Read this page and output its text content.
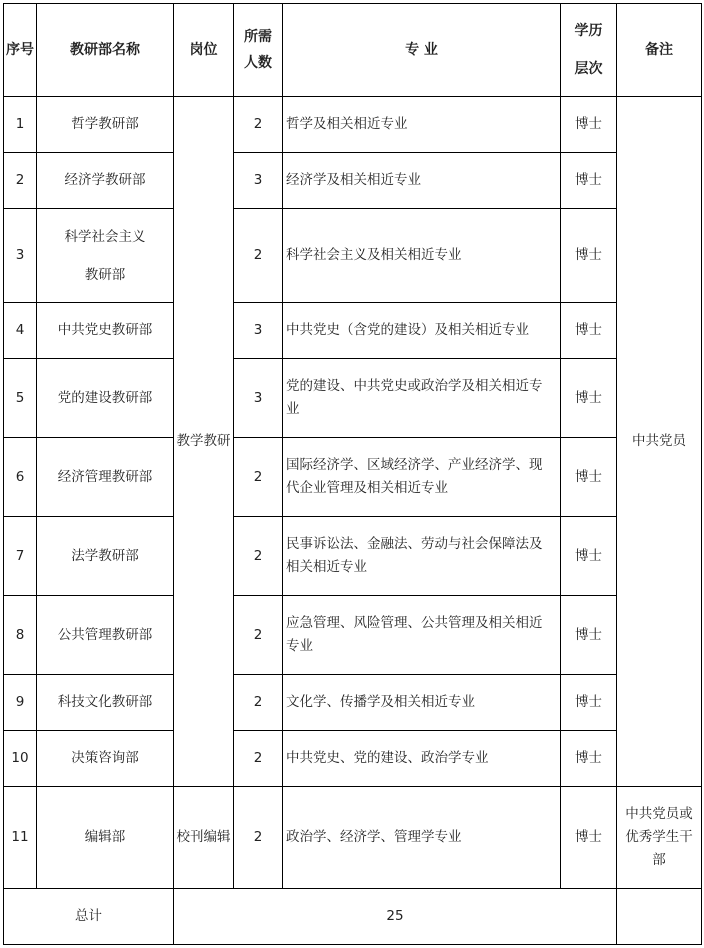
序号	教研部名称	岗位	所需人数	专 业	学历层次	备注
1	哲学教研部	教学教研	2	哲学及相关相近专业	博士	中共党员
2	经济学教研部		3	经济学及相关相近专业	博士	
3	科学社会主义教研部		2	科学社会主义及相关相近专业	博士	
4	中共党史教研部		3	中共党史（含党的建设）及相关相近专业	博士	
5	党的建设教研部		3	党的建设、中共党史或政治学及相关相近专业	博士	
6	经济管理教研部		2	国际经济学、区域经济学、产业经济学、现代企业管理及相关相近专业	博士	
7	法学教研部		2	民事诉讼法、金融法、劳动与社会保障法及相关相近专业	博士	
8	公共管理教研部		2	应急管理、风险管理、公共管理及相关相近专业	博士	
9	科技文化教研部		2	文化学、传播学及相关相近专业	博士	
10	决策咨询部		2	中共党史、党的建设、政治学专业	博士	
11	编辑部	校刊编辑	2	政治学、经济学、管理学专业	博士	中共党员或优秀学生干部
总计		25				
